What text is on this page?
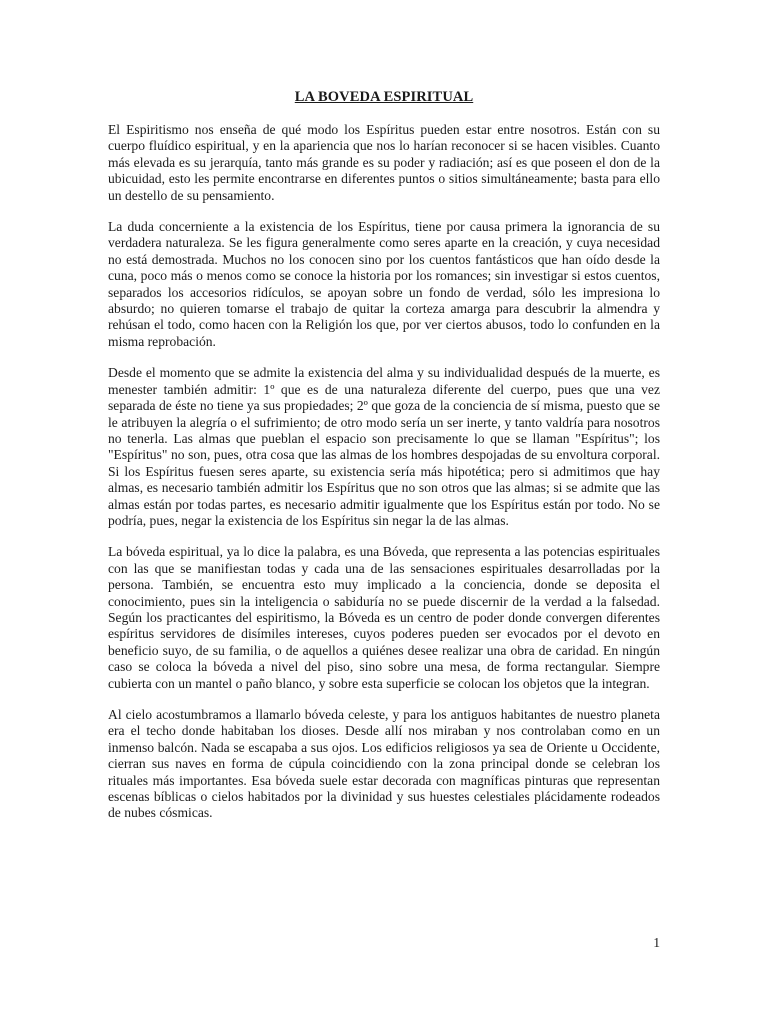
LA BOVEDA ESPIRITUAL

El Espiritismo nos enseña de qué modo los Espíritus pueden estar entre nosotros. Están con su cuerpo fluídico espiritual, y en la apariencia que nos lo harían reconocer si se hacen visibles. Cuanto más elevada es su jerarquía, tanto más grande es su poder y radiación; así es que poseen el don de la ubicuidad, esto les permite encontrarse en diferentes puntos o sitios simultáneamente; basta para ello un destello de su pensamiento.

La duda concerniente a la existencia de los Espíritus, tiene por causa primera la ignorancia de su verdadera naturaleza. Se les figura generalmente como seres aparte en la creación, y cuya necesidad no está demostrada. Muchos no los conocen sino por los cuentos fantásticos que han oído desde la cuna, poco más o menos como se conoce la historia por los romances; sin investigar si estos cuentos, separados los accesorios ridículos, se apoyan sobre un fondo de verdad, sólo les impresiona lo absurdo; no quieren tomarse el trabajo de quitar la corteza amarga para descubrir la almendra y rehúsan el todo, como hacen con la Religión los que, por ver ciertos abusos, todo lo confunden en la misma reprobación.

Desde el momento que se admite la existencia del alma y su individualidad después de la muerte, es menester también admitir: 1º que es de una naturaleza diferente del cuerpo, pues que una vez separada de éste no tiene ya sus propiedades; 2º que goza de la conciencia de sí misma, puesto que se le atribuyen la alegría o el sufrimiento; de otro modo sería un ser inerte, y tanto valdría para nosotros no tenerla. Las almas que pueblan el espacio son precisamente lo que se llaman "Espíritus"; los "Espíritus" no son, pues, otra cosa que las almas de los hombres despojadas de su envoltura corporal. Si los Espíritus fuesen seres aparte, su existencia sería más hipotética; pero si admitimos que hay almas, es necesario también admitir los Espíritus que no son otros que las almas; si se admite que las almas están por todas partes, es necesario admitir igualmente que los Espíritus están por todo. No se podría, pues, negar la existencia de los Espíritus sin negar la de las almas.

La bóveda espiritual, ya lo dice la palabra, es una Bóveda, que representa a las potencias espirituales con las que se manifiestan todas y cada una de las sensaciones espirituales desarrolladas por la persona. También, se encuentra esto muy implicado a la conciencia, donde se deposita el conocimiento, pues sin la inteligencia o sabiduría no se puede discernir de la verdad a la falsedad. Según los practicantes del espiritismo, la Bóveda es un centro de poder donde convergen diferentes espíritus servidores de disímiles intereses, cuyos poderes pueden ser evocados por el devoto en beneficio suyo, de su familia, o de aquellos a quiénes desee realizar una obra de caridad. En ningún caso se coloca la bóveda a nivel del piso, sino sobre una mesa, de forma rectangular. Siempre cubierta con un mantel o paño blanco, y sobre esta superficie se colocan los objetos que la integran.

Al cielo acostumbramos a llamarlo bóveda celeste, y para los antiguos habitantes de nuestro planeta era el techo donde habitaban los dioses. Desde allí nos miraban y nos controlaban como en un inmenso balcón. Nada se escapaba a sus ojos. Los edificios religiosos ya sea de Oriente u Occidente, cierran sus naves en forma de cúpula coincidiendo con la zona principal donde se celebran los rituales más importantes. Esa bóveda suele estar decorada con magníficas pinturas que representan escenas bíblicas o cielos habitados por la divinidad y sus huestes celestiales plácidamente rodeados de nubes cósmicas.

1
